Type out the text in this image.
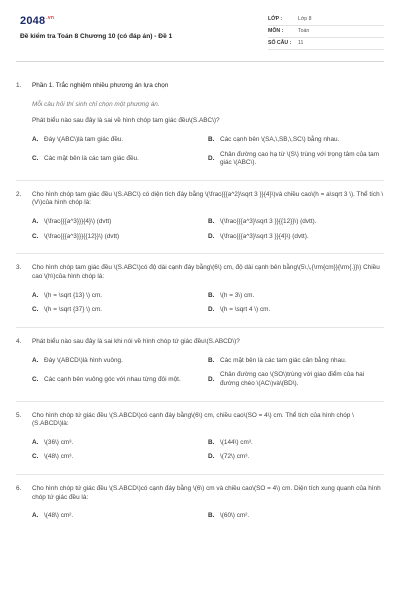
$2048^{.vn}$
Đề kiểm tra Toán 8 Chương 10 (có đáp án) - Đề 1
LỚP :	Lớp 8
MÔN :	Toán
SỐ CÂU :	11
1.	Phần 1. Trắc nghiệm nhiều phương án lựa chọn
Mỗi câu hỏi thí sinh chỉ chọn một phương án.
Phát biểu nào sau đây là sai về hình chóp tam giác đều\(S.ABC\)?
A. Đáy \(ABC\)là tam giác đều.	B. Các cạnh bên \(SA,\,SB,\,SC\) bằng nhau.
C. Các mặt bên là các tam giác đều.	D.
Chân đường cao hạ từ \(S\) trùng với trọng tâm của tam giác \(ABC\).
2.	Cho hình chóp tam giác đều \(S.ABC\) có diện tích đáy bằng \(\frac{{{a^2}\sqrt 3 }}{4}\)và chiều cao\(h = a\sqrt 3 \). Thể tích \(V\)của hình chóp là:
A. \(\frac{{{a^3}}}{4}\) (dvtt)	B. \(\frac{{{a^3}\sqrt 3 }}{{12}}\) (dvtt).
C. \(\frac{{{a^3}}}{{12}}\) (dvtt)	D. \(\frac{{{a^3}\sqrt 3 }}{4}\) (dvtt).
3.	Cho hình chóp tam giác đều \(S.ABC\)có độ dài cạnh đáy bằng\(6\) cm, độ dài cạnh bên bằng\(5\,\,{\rm{cm}}{\rm{.}}\) Chiều cao \(h\)của hình chóp là:
A. \(h = \sqrt {13} \) cm.	B. \(h = 3\) cm.
C. \(h = \sqrt {37} \) cm.	D. \(h = \sqrt 4 \) cm.
4.	Phát biểu nào sau đây là sai khi nói về hình chóp tứ giác đều\(S.ABCD\)?
A. Đáy \(ABCD\)là hình vuông.	B. Các mặt bên là các tam giác cân bằng nhau.
C. Các cạnh bên vuông góc với nhau từng đôi một.	D.
Chân đường cao \(SO\)trùng với giao điểm của hai đường chéo \(AC\)và\(BD\).
5.	Cho hình chóp tứ giác đều \(S.ABCD\)có cạnh đáy bằng\(6\) cm, chiều cao\(SO = 4\) cm. Thể tích của hình chóp \(S.ABCD\)là:
A. \(36\) cm³.	B. \(144\) cm³.
C. \(48\) cm³.	D. \(72\) cm³.
6.	Cho hình chóp tứ giác đều \(S.ABCD\)có cạnh đáy bằng \(6\) cm và chiều cao\(SO = 4\) cm. Diện tích xung quanh của hình chóp tứ giác đều là:
A. \(48\) cm².	B. \(60\) cm².
